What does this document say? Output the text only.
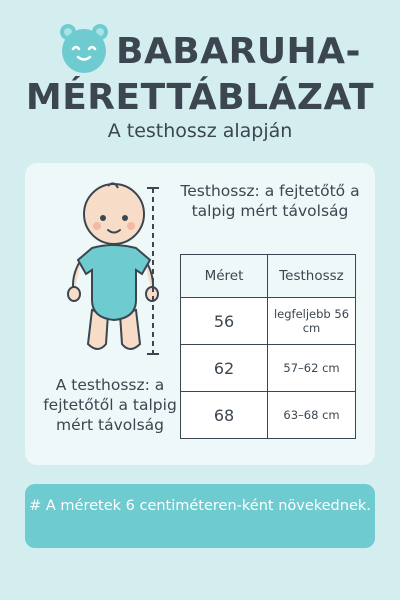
BABARUHA-
MÉRETTÁBLÁZAT
A testhossz alapján
A testhossz: a fejtetőtől a talpig mért távolság
Testhossz: a fejtetőtő a talpig mért távolság
Méret	Testhossz
56	legfeljebb 56 cm
62	57–62 cm
68	63–68 cm
# A méretek 6 centiméteren-ként növekednek.
